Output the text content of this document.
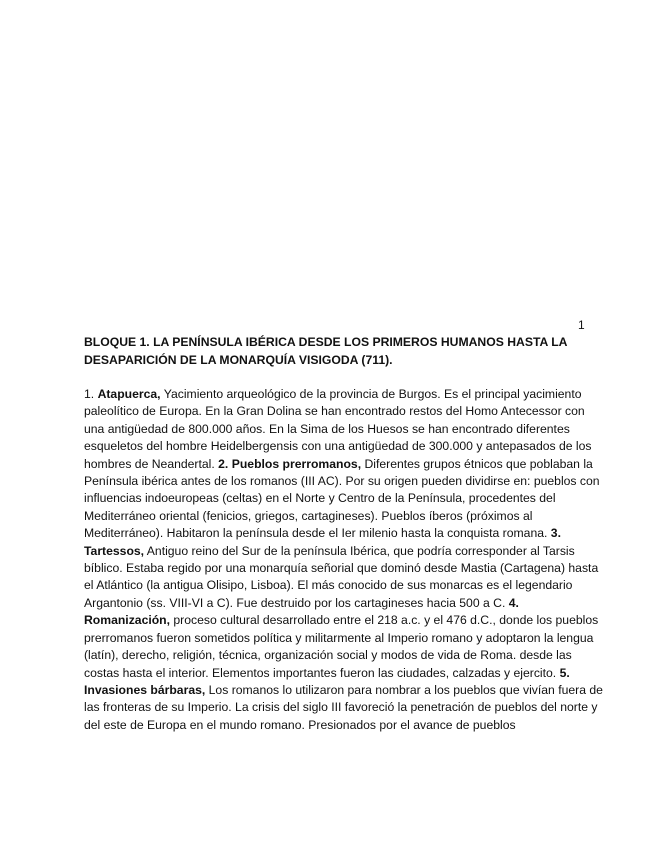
1
BLOQUE 1. LA PENÍNSULA IBÉRICA DESDE LOS PRIMEROS HUMANOS HASTA LA DESAPARICIÓN DE LA MONARQUÍA VISIGODA (711).

1. Atapuerca, Yacimiento arqueológico de la provincia de Burgos. Es el principal yacimiento paleolítico de Europa. En la Gran Dolina se han encontrado restos del Homo Antecessor con una antigüedad de 800.000 años. En la Sima de los Huesos se han encontrado diferentes esqueletos del hombre Heidelbergensis con una antigüedad de 300.000 y antepasados de los hombres de Neandertal. 2. Pueblos prerromanos, Diferentes grupos étnicos que poblaban la Península ibérica antes de los romanos (III AC). Por su origen pueden dividirse en: pueblos con influencias indoeuropeas (celtas) en el Norte y Centro de la Península, procedentes del Mediterráneo oriental (fenicios, griegos, cartagineses). Pueblos íberos (próximos al Mediterráneo). Habitaron la península desde el Ier milenio hasta la conquista romana. 3. Tartessos, Antiguo reino del Sur de la península Ibérica, que podría corresponder al Tarsis bíblico. Estaba regido por una monarquía señorial que dominó desde Mastia (Cartagena) hasta el Atlántico (la antigua Olisipo, Lisboa). El más conocido de sus monarcas es el legendario Argantonio (ss. VIII-VI a C). Fue destruido por los cartagineses hacia 500 a C. 4. Romanización, proceso cultural desarrollado entre el 218 a.c. y el 476 d.C., donde los pueblos prerromanos fueron sometidos política y militarmente al Imperio romano y adoptaron la lengua (latín), derecho, religión, técnica, organización social y modos de vida de Roma. desde las costas hasta el interior. Elementos importantes fueron las ciudades, calzadas y ejercito. 5. Invasiones bárbaras, Los romanos lo utilizaron para nombrar a los pueblos que vivían fuera de las fronteras de su Imperio. La crisis del siglo III favoreció la penetración de pueblos del norte y del este de Europa en el mundo romano. Presionados por el avance de pueblos
